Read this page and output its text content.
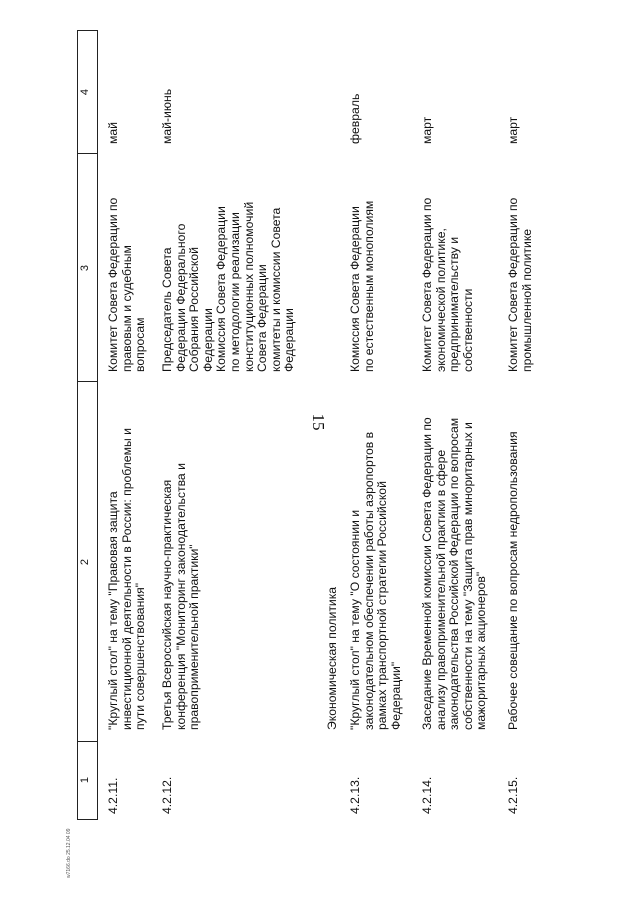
15
1
2
3
4
4.2.11.
"Круглый стол" на тему "Правовая защита
инвестиционной деятельности в России: проблемы и
пути совершенствования"
Комитет Совета Федерации по
правовым и судебным
вопросам
май
4.2.12.
Третья Всероссийская научно-практическая
конференция "Мониторинг законодательства и
правоприменительной практики"
Председатель Совета
Федерации Федерального
Собрания Российской
Федерации
Комиссия Совета Федерации
по методологии реализации
конституционных полномочий
Совета Федерации
комитеты и комиссии Совета
Федерации
май-июнь
Экономическая политика
4.2.13.
"Круглый стол" на тему "О состоянии и
законодательном обеспечении работы аэропортов в
рамках транспортной стратегии Российской
Федерации"
Комиссия Совета Федерации
по естественным монополиям
февраль
4.2.14.
Заседание Временной комиссии Совета Федерации по
анализу правоприменительной практики в сфере
законодательства Российской Федерации по вопросам
собственности на тему "Защита прав миноритарных и
мажоритарных акционеров"
Комитет Совета Федерации по
экономической политике,
предпринимательству и
собственности
март
4.2.15.
Рабочее совещание по вопросам недропользования
Комитет Совета Федерации по
промышленной политике
март
w7166.do 25.12.04 09
